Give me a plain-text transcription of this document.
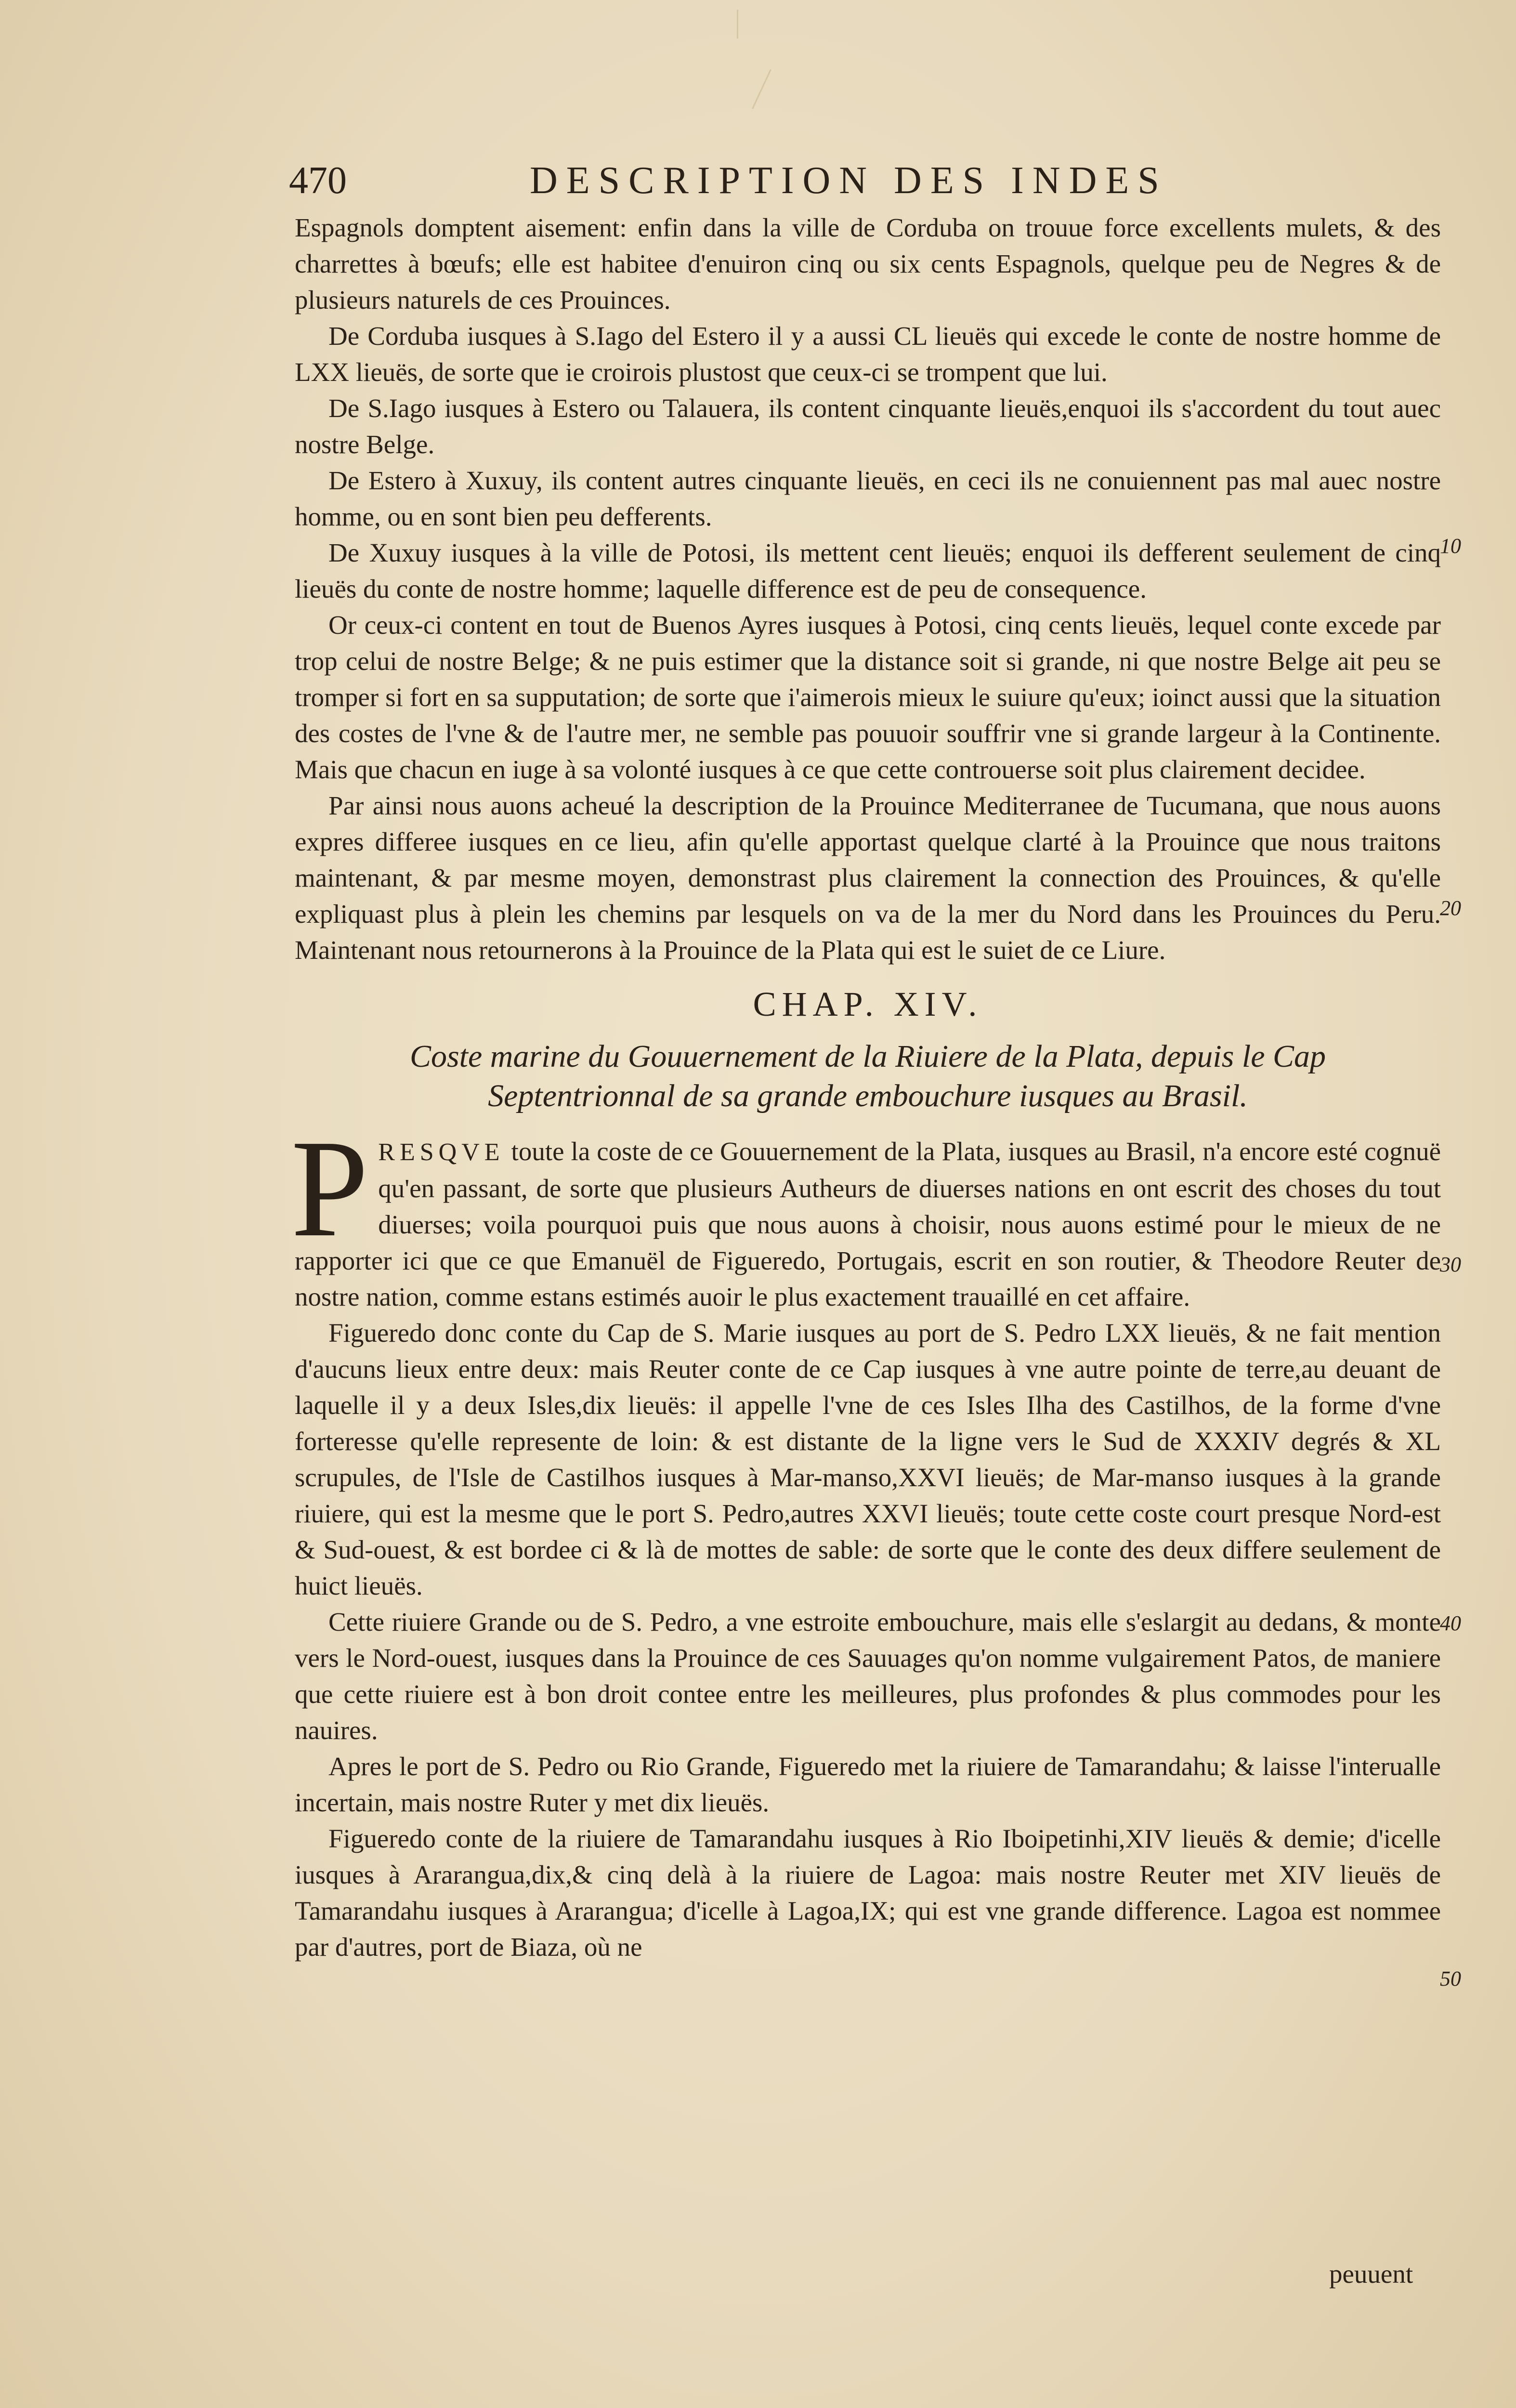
470	DESCRIPTION DES INDES

Espagnols domptent aisement: enfin dans la ville de Corduba on trouue force excellents mulets, & des charrettes à bœufs; elle est habitee d'enuiron cinq ou six cents Espagnols, quelque peu de Negres & de plusieurs naturels de ces Prouinces.

De Corduba iusques à S.Iago del Estero il y a aussi CL lieuës qui excede le conte de nostre homme de LXX lieuës, de sorte que ie croirois plustost que ceux-ci se trompent que lui.

De S.Iago iusques à Estero ou Talauera, ils content cinquante lieuës,enquoi ils s'accordent du tout auec nostre Belge.

De Estero à Xuxuy, ils content autres cinquante lieuës, en ceci ils ne conuiennent pas mal auec nostre homme, ou en sont bien peu defferents.

De Xuxuy iusques à la ville de Potosi, ils mettent cent lieuës; enquoi ils defferent seulement de cinq lieuës du conte de nostre homme; laquelle difference est de peu de consequence.

Or ceux-ci content en tout de Buenos Ayres iusques à Potosi, cinq cents lieuës, lequel conte excede par trop celui de nostre Belge; & ne puis estimer que la distance soit si grande, ni que nostre Belge ait peu se tromper si fort en sa supputation; de sorte que i'aimerois mieux le suiure qu'eux; ioinct aussi que la situation des costes de l'vne & de l'autre mer, ne semble pas pouuoir souffrir vne si grande largeur à la Continente. Mais que chacun en iuge à sa volonté iusques à ce que cette controuerse soit plus clairement decidee.

Par ainsi nous auons acheué la description de la Prouince Mediterranee de Tucumana, que nous auons expres differee iusques en ce lieu, afin qu'elle apportast quelque clarté à la Prouince que nous traitons maintenant, & par mesme moyen, demonstrast plus clairement la connection des Prouinces, & qu'elle expliquast plus à plein les chemins par lesquels on va de la mer du Nord dans les Prouinces du Peru. Maintenant nous retournerons à la Prouince de la Plata qui est le suiet de ce Liure.

CHAP. XIV.
Coste marine du Gouuernement de la Riuiere de la Plata, depuis le Cap
Septentrionnal de sa grande embouchure iusques au Brasil.

PRESQVE toute la coste de ce Gouuernement de la Plata, iusques au Brasil, n'a encore esté cognuë qu'en passant, de sorte que plusieurs Autheurs de diuerses nations en ont escrit des choses du tout diuerses; voila pourquoi puis que nous auons à choisir, nous auons estimé pour le mieux de ne rapporter ici que ce que Emanuël de Figueredo, Portugais, escrit en son routier, & Theodore Reuter de nostre nation, comme estans estimés auoir le plus exactement trauaillé en cet affaire.

Figueredo donc conte du Cap de S. Marie iusques au port de S. Pedro LXX lieuës, & ne fait mention d'aucuns lieux entre deux: mais Reuter conte de ce Cap iusques à vne autre pointe de terre,au deuant de laquelle il y a deux Isles,dix lieuës: il appelle l'vne de ces Isles Ilha des Castilhos, de la forme d'vne forteresse qu'elle represente de loin: & est distante de la ligne vers le Sud de XXXIV degrés & XL scrupules, de l'Isle de Castilhos iusques à Mar-manso,XXVI lieuës; de Mar-manso iusques à la grande riuiere, qui est la mesme que le port S. Pedro,autres XXVI lieuës; toute cette coste court presque Nord-est & Sud-ouest, & est bordee ci & là de mottes de sable: de sorte que le conte des deux differe seulement de huict lieuës.

Cette riuiere Grande ou de S. Pedro, a vne estroite embouchure, mais elle s'eslargit au dedans, & monte vers le Nord-ouest, iusques dans la Prouince de ces Sauuages qu'on nomme vulgairement Patos, de maniere que cette riuiere est à bon droit contee entre les meilleures, plus profondes & plus commodes pour les nauires.

Apres le port de S. Pedro ou Rio Grande, Figueredo met la riuiere de Tamarandahu; & laisse l'interualle incertain, mais nostre Ruter y met dix lieuës.

Figueredo conte de la riuiere de Tamarandahu iusques à Rio Iboipetinhi,XIV lieuës & demie; d'icelle iusques à Ararangua,dix,& cinq delà à la riuiere de Lagoa: mais nostre Reuter met XIV lieuës de Tamarandahu iusques à Ararangua; d'icelle à Lagoa,IX; qui est vne grande difference. Lagoa est nommee par d'autres, port de Biaza, où ne

10
20
30
40
50
peuuent
